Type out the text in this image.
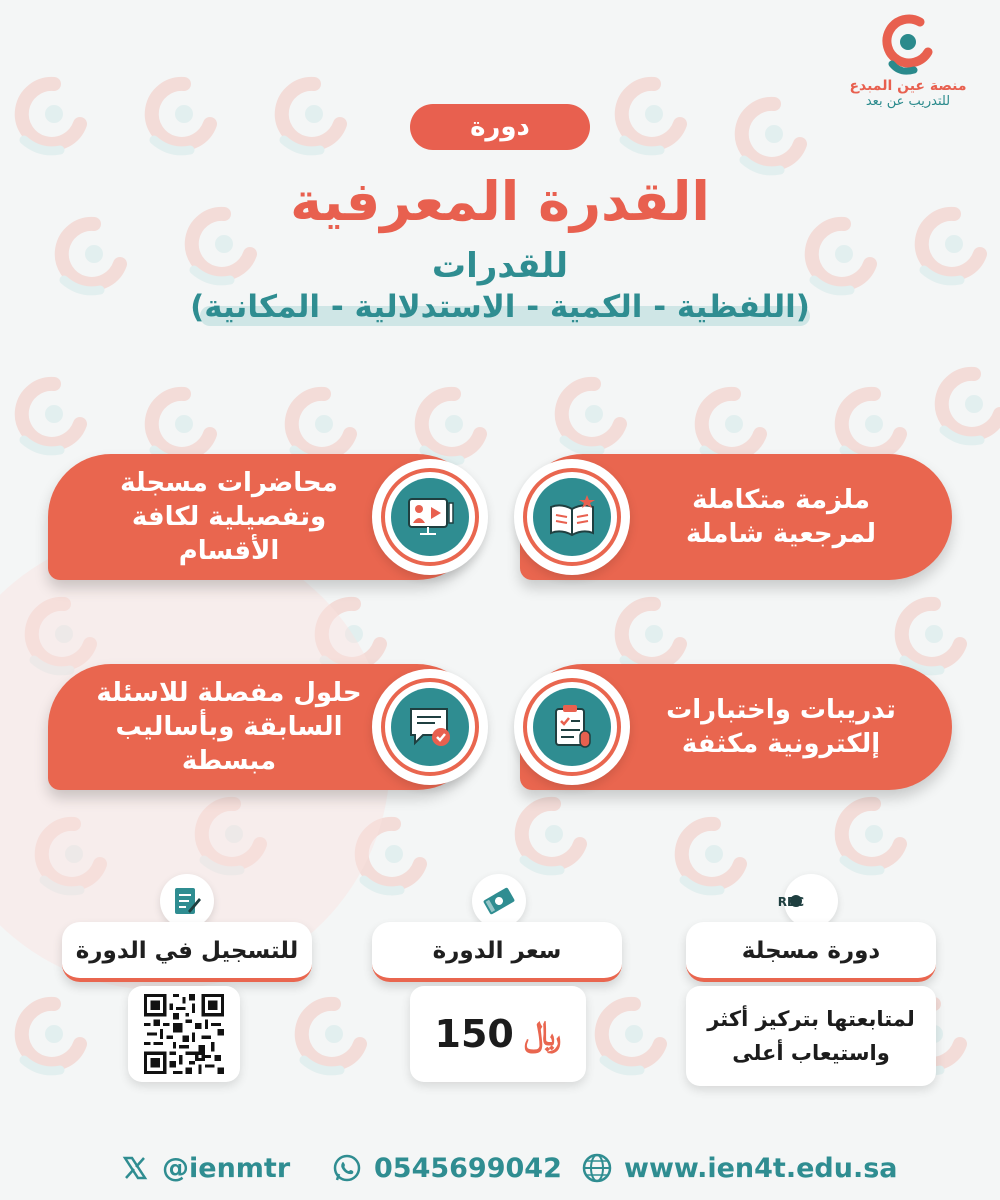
منصة عين المبدع
للتدريب عن بعد
دورة
القدرة المعرفية
للقدرات
(اللفظية - الكمية - الاستدلالية - المكانية)
ملزمة متكاملة لمرجعية شاملة
محاضرات مسجلة وتفصيلية لكافة الأقسام
تدريبات واختبارات إلكترونية مكثفة
حلول مفصلة للاسئلة السابقة وبأساليب مبسطة
REC
دورة مسجلة
لمتابعتها بتركيز أكثر واستيعاب أعلى
سعر الدورة
150 ﷼
للتسجيل في الدورة
@ienmtr	0545699042 www.ien4t.edu.sa
